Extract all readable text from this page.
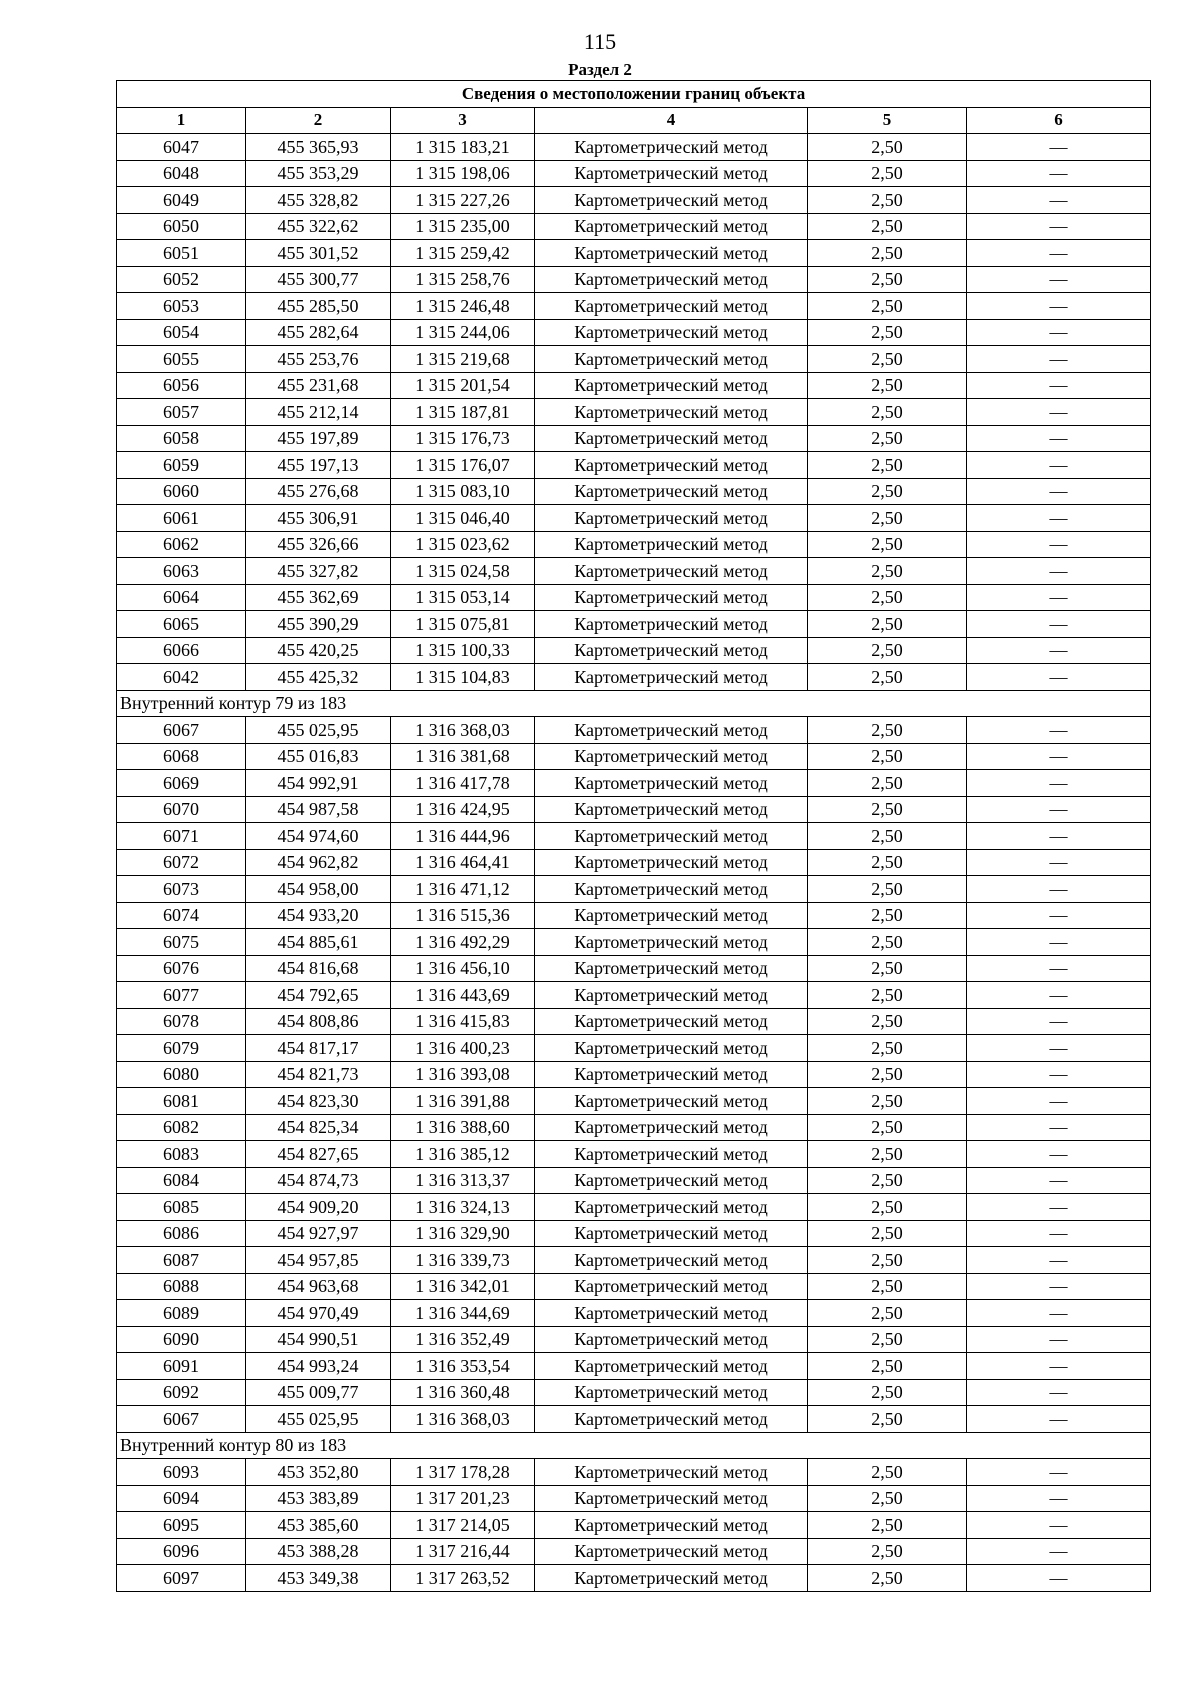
115
Раздел 2
Сведения о местоположении границ объекта					
1	2	3	4	5	6
6047	455 365,93	1 315 183,21	Картометрический метод	2,50	—
6048	455 353,29	1 315 198,06	Картометрический метод	2,50	—
6049	455 328,82	1 315 227,26	Картометрический метод	2,50	—
6050	455 322,62	1 315 235,00	Картометрический метод	2,50	—
6051	455 301,52	1 315 259,42	Картометрический метод	2,50	—
6052	455 300,77	1 315 258,76	Картометрический метод	2,50	—
6053	455 285,50	1 315 246,48	Картометрический метод	2,50	—
6054	455 282,64	1 315 244,06	Картометрический метод	2,50	—
6055	455 253,76	1 315 219,68	Картометрический метод	2,50	—
6056	455 231,68	1 315 201,54	Картометрический метод	2,50	—
6057	455 212,14	1 315 187,81	Картометрический метод	2,50	—
6058	455 197,89	1 315 176,73	Картометрический метод	2,50	—
6059	455 197,13	1 315 176,07	Картометрический метод	2,50	—
6060	455 276,68	1 315 083,10	Картометрический метод	2,50	—
6061	455 306,91	1 315 046,40	Картометрический метод	2,50	—
6062	455 326,66	1 315 023,62	Картометрический метод	2,50	—
6063	455 327,82	1 315 024,58	Картометрический метод	2,50	—
6064	455 362,69	1 315 053,14	Картометрический метод	2,50	—
6065	455 390,29	1 315 075,81	Картометрический метод	2,50	—
6066	455 420,25	1 315 100,33	Картометрический метод	2,50	—
6042	455 425,32	1 315 104,83	Картометрический метод	2,50	—
Внутренний контур 79 из 183					
6067	455 025,95	1 316 368,03	Картометрический метод	2,50	—
6068	455 016,83	1 316 381,68	Картометрический метод	2,50	—
6069	454 992,91	1 316 417,78	Картометрический метод	2,50	—
6070	454 987,58	1 316 424,95	Картометрический метод	2,50	—
6071	454 974,60	1 316 444,96	Картометрический метод	2,50	—
6072	454 962,82	1 316 464,41	Картометрический метод	2,50	—
6073	454 958,00	1 316 471,12	Картометрический метод	2,50	—
6074	454 933,20	1 316 515,36	Картометрический метод	2,50	—
6075	454 885,61	1 316 492,29	Картометрический метод	2,50	—
6076	454 816,68	1 316 456,10	Картометрический метод	2,50	—
6077	454 792,65	1 316 443,69	Картометрический метод	2,50	—
6078	454 808,86	1 316 415,83	Картометрический метод	2,50	—
6079	454 817,17	1 316 400,23	Картометрический метод	2,50	—
6080	454 821,73	1 316 393,08	Картометрический метод	2,50	—
6081	454 823,30	1 316 391,88	Картометрический метод	2,50	—
6082	454 825,34	1 316 388,60	Картометрический метод	2,50	—
6083	454 827,65	1 316 385,12	Картометрический метод	2,50	—
6084	454 874,73	1 316 313,37	Картометрический метод	2,50	—
6085	454 909,20	1 316 324,13	Картометрический метод	2,50	—
6086	454 927,97	1 316 329,90	Картометрический метод	2,50	—
6087	454 957,85	1 316 339,73	Картометрический метод	2,50	—
6088	454 963,68	1 316 342,01	Картометрический метод	2,50	—
6089	454 970,49	1 316 344,69	Картометрический метод	2,50	—
6090	454 990,51	1 316 352,49	Картометрический метод	2,50	—
6091	454 993,24	1 316 353,54	Картометрический метод	2,50	—
6092	455 009,77	1 316 360,48	Картометрический метод	2,50	—
6067	455 025,95	1 316 368,03	Картометрический метод	2,50	—
Внутренний контур 80 из 183					
6093	453 352,80	1 317 178,28	Картометрический метод	2,50	—
6094	453 383,89	1 317 201,23	Картометрический метод	2,50	—
6095	453 385,60	1 317 214,05	Картометрический метод	2,50	—
6096	453 388,28	1 317 216,44	Картометрический метод	2,50	—
6097	453 349,38	1 317 263,52	Картометрический метод	2,50	—
